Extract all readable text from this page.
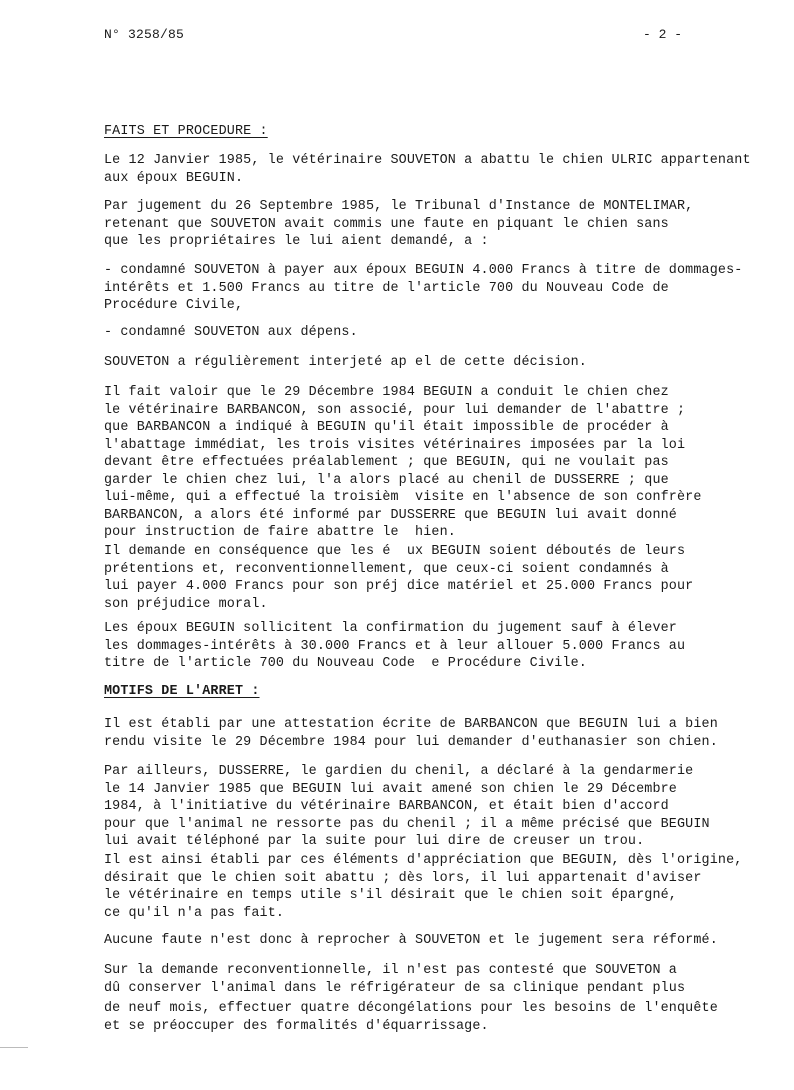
N° 3258/85	- 2 -
FAITS ET PROCEDURE :
Le 12 Janvier 1985, le vétérinaire SOUVETON a abattu le chien ULRIC appartenant
aux époux BEGUIN.
Par jugement du 26 Septembre 1985, le Tribunal d'Instance de MONTELIMAR,
retenant que SOUVETON avait commis une faute en piquant le chien sans
que les propriétaires le lui aient demandé, a :
- condamné SOUVETON à payer aux époux BEGUIN 4.000 Francs à titre de dommages-
intérêts et 1.500 Francs au titre de l'article 700 du Nouveau Code de
Procédure Civile,
- condamné SOUVETON aux dépens.
SOUVETON a régulièrement interjeté ap el de cette décision.
Il fait valoir que le 29 Décembre 1984 BEGUIN a conduit le chien chez
le vétérinaire BARBANCON, son associé, pour lui demander de l'abattre ;
que BARBANCON a indiqué à BEGUIN qu'il était impossible de procéder à
l'abattage immédiat, les trois visites vétérinaires imposées par la loi
devant être effectuées préalablement ; que BEGUIN, qui ne voulait pas
garder le chien chez lui, l'a alors placé au chenil de DUSSERRE ; que
lui-même, qui a effectué la troisièm  visite en l'absence de son confrère
BARBANCON, a alors été informé par DUSSERRE que BEGUIN lui avait donné
pour instruction de faire abattre le  hien.
Il demande en conséquence que les é  ux BEGUIN soient déboutés de leurs
prétentions et, reconventionnellement, que ceux-ci soient condamnés à
lui payer 4.000 Francs pour son préj dice matériel et 25.000 Francs pour
son préjudice moral.
Les époux BEGUIN sollicitent la confirmation du jugement sauf à élever
les dommages-intérêts à 30.000 Francs et à leur allouer 5.000 Francs au
titre de l'article 700 du Nouveau Code  e Procédure Civile.
MOTIFS DE L'ARRET :
Il est établi par une attestation écrite de BARBANCON que BEGUIN lui a bien
rendu visite le 29 Décembre 1984 pour lui demander d'euthanasier son chien.
Par ailleurs, DUSSERRE, le gardien du chenil, a déclaré à la gendarmerie
le 14 Janvier 1985 que BEGUIN lui avait amené son chien le 29 Décembre
1984, à l'initiative du vétérinaire BARBANCON, et était bien d'accord
pour que l'animal ne ressorte pas du chenil ; il a même précisé que BEGUIN
lui avait téléphoné par la suite pour lui dire de creuser un trou.
Il est ainsi établi par ces éléments d'appréciation que BEGUIN, dès l'origine,
désirait que le chien soit abattu ; dès lors, il lui appartenait d'aviser
le vétérinaire en temps utile s'il désirait que le chien soit épargné,
ce qu'il n'a pas fait.
Aucune faute n'est donc à reprocher à SOUVETON et le jugement sera réformé.
Sur la demande reconventionnelle, il n'est pas contesté que SOUVETON a
dû conserver l'animal dans le réfrigérateur de sa clinique pendant plus
de neuf mois, effectuer quatre décongélations pour les besoins de l'enquête
et se préoccuper des formalités d'équarrissage.
